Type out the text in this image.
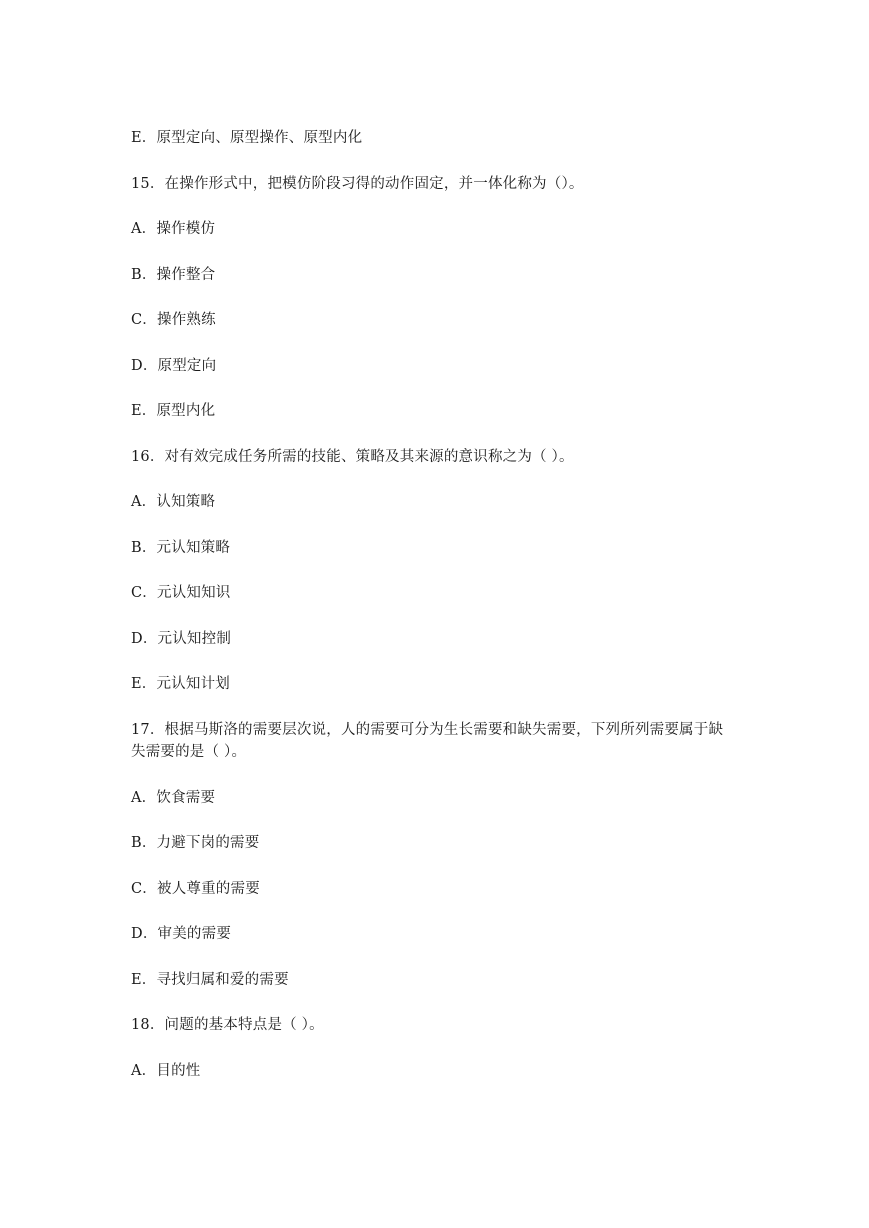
E．原型定向、原型操作、原型内化
15．在操作形式中，把模仿阶段习得的动作固定，并一体化称为（）。
A．操作模仿
B．操作整合
C．操作熟练
D．原型定向
E．原型内化
16．对有效完成任务所需的技能、策略及其来源的意识称之为（ ）。
A．认知策略
B．元认知策略
C．元认知知识
D．元认知控制
E．元认知计划
17．根据马斯洛的需要层次说，人的需要可分为生长需要和缺失需要，下列所列需要属于缺
失需要的是（ ）。
A．饮食需要
B．力避下岗的需要
C．被人尊重的需要
D．审美的需要
E．寻找归属和爱的需要
18．问题的基本特点是（ ）。
A．目的性
